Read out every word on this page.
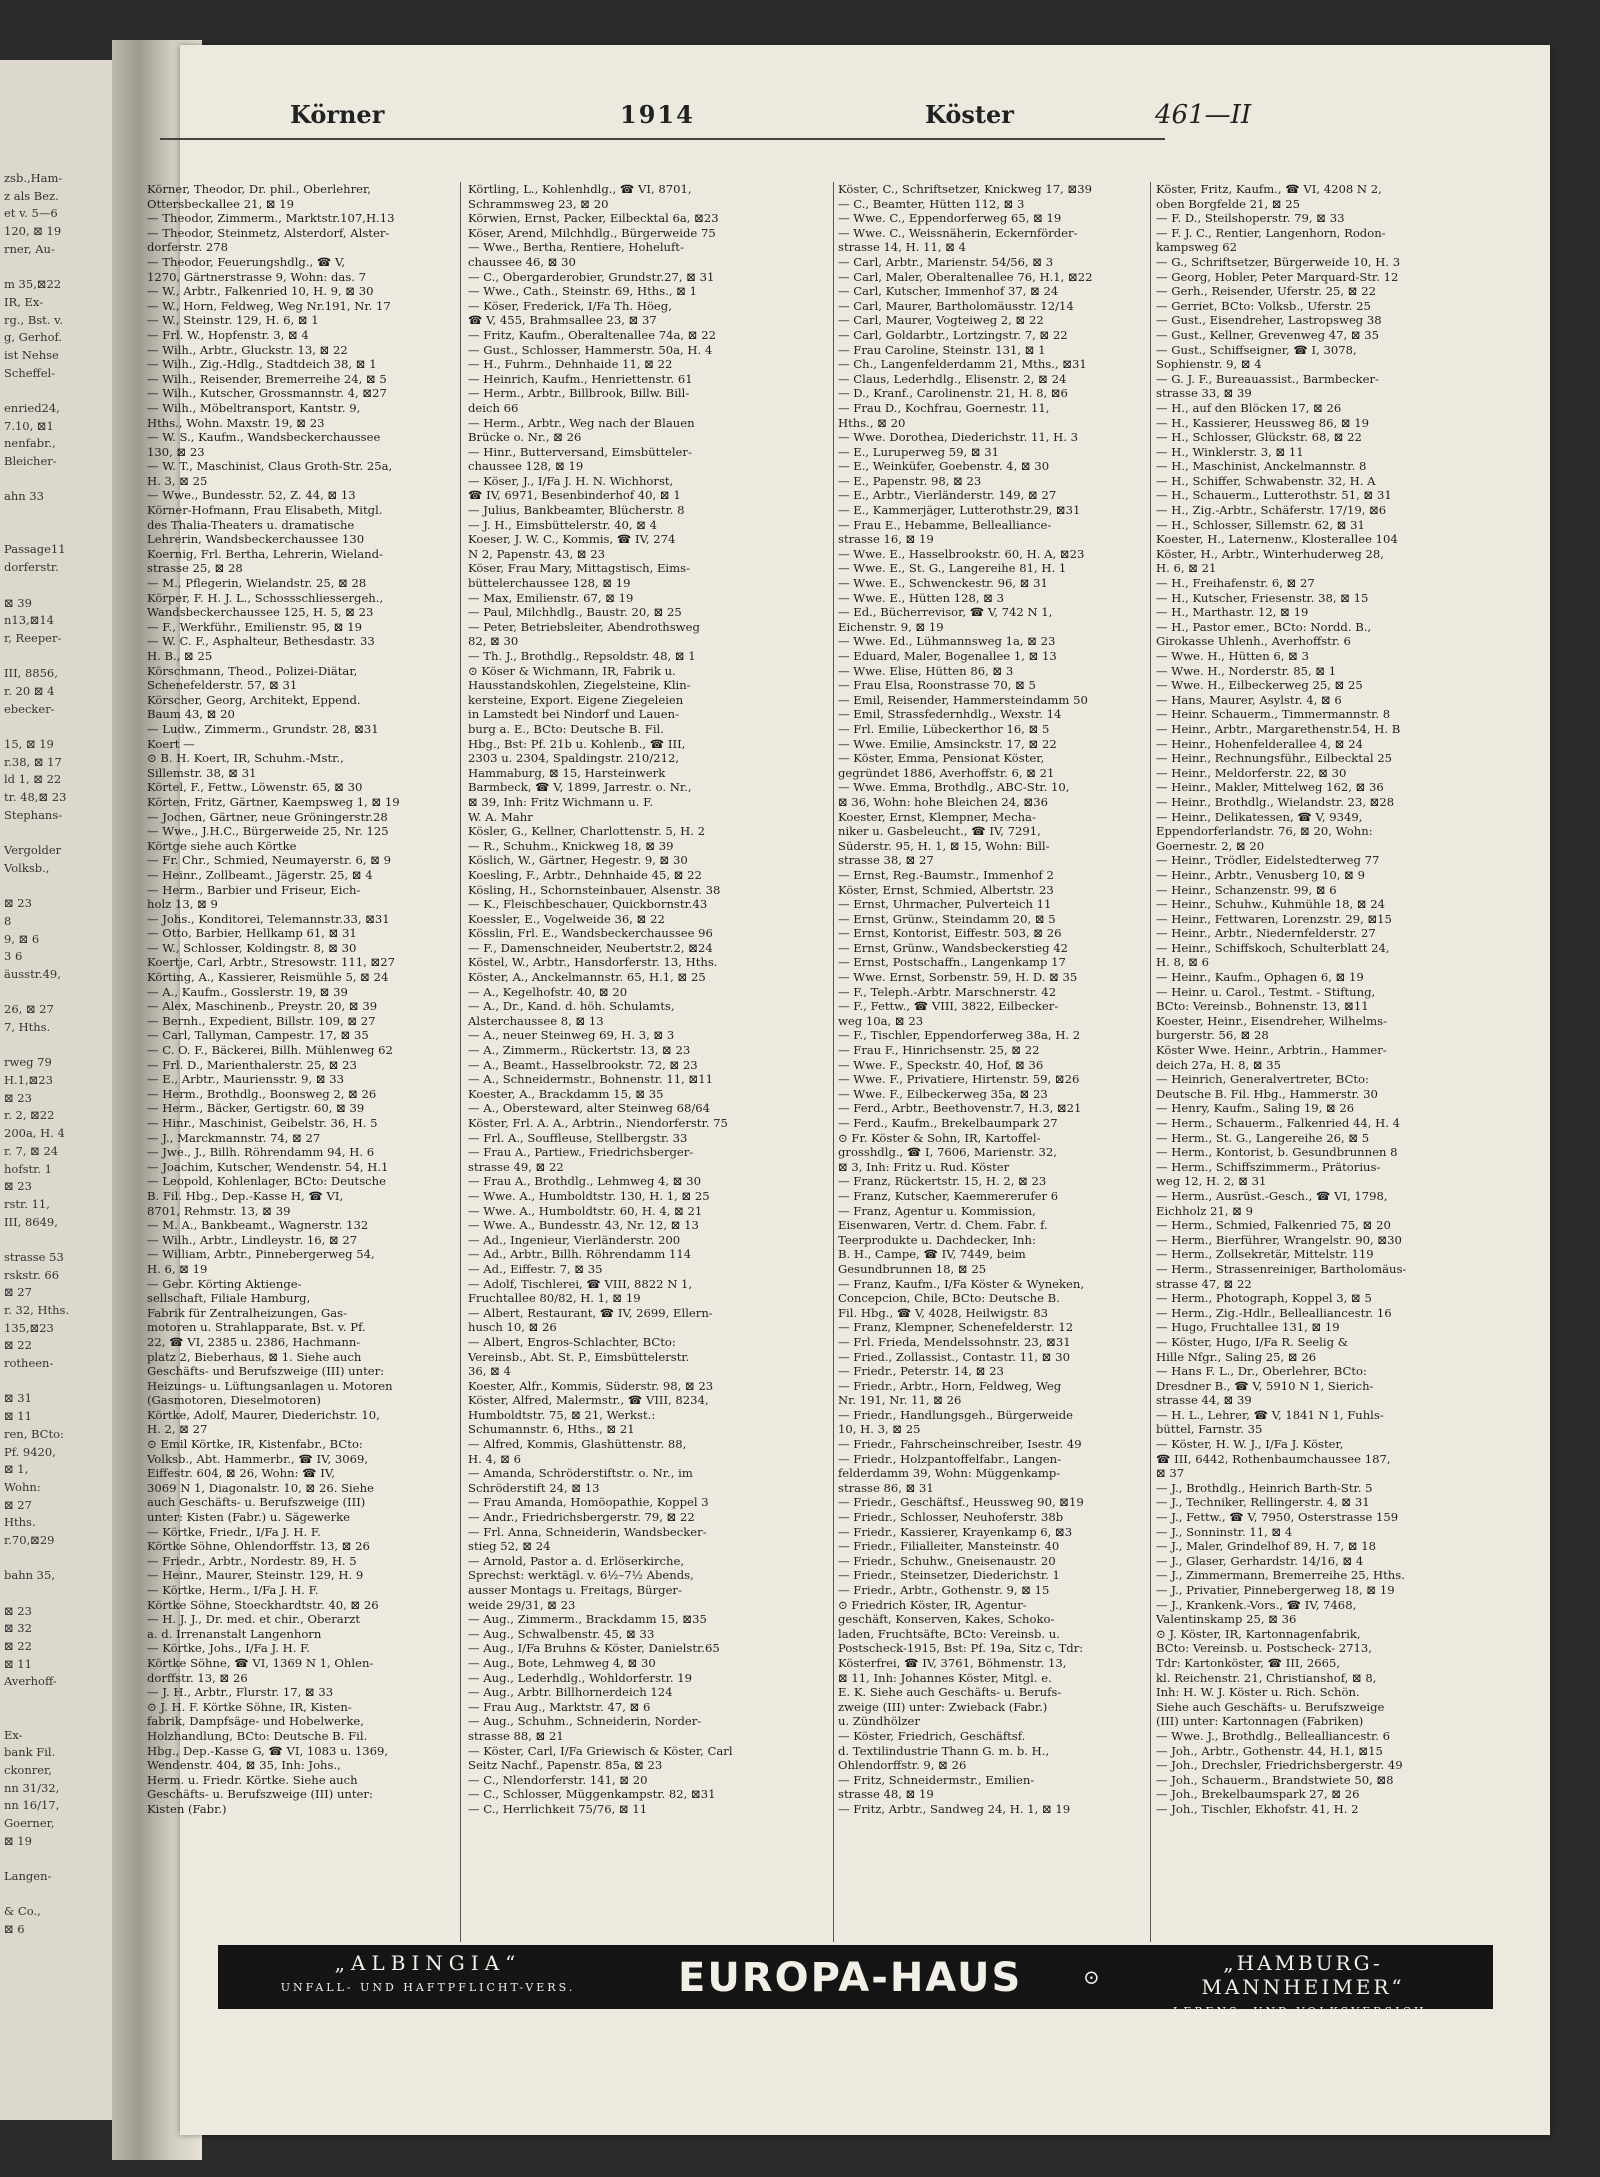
zsb.,Ham-
z als Bez.
et v. 5—6
120, ⊠ 19
rner, Au-
m 35,⊠22
IR, Ex-
rg., Bst. v.
g, Gerhof.
ist Nehse
Scheffel-
enried24,
7.10, ⊠1
nenfabr.,
Bleicher-
ahn 33
Passage11
dorferstr.
⊠ 39
n13,⊠14
r, Reeper-
III, 8856,
r. 20 ⊠ 4
ebecker-
15, ⊠ 19
r.38, ⊠ 17
ld 1, ⊠ 22
tr. 48,⊠ 23
Stephans-
Vergolder
Volksb.,
⊠ 23
8
9, ⊠ 6
3 6
äusstr.49,
26, ⊠ 27
7, Hths.
rweg 79
H.1,⊠23
⊠ 23
r. 2, ⊠22
200a, H. 4
r. 7, ⊠ 24
hofstr. 1
⊠ 23
rstr. 11,
III, 8649,
strasse 53
rskstr. 66
⊠ 27
r. 32, Hths.
135,⊠23
⊠ 22
rotheen-
⊠ 31
⊠ 11
ren, BCto:
Pf. 9420,
⊠ 1,
Wohn:
⊠ 27
Hths.
r.70,⊠29
bahn 35,
⊠ 23
⊠ 32
⊠ 22
⊠ 11
Averhoff-
Ex-
bank Fil.
ckonrer,
nn 31/32,
nn 16/17,
Goerner,
⊠ 19
Langen-
& Co.,
⊠ 6
Körner	1914	Köster	461—II
Körner, Theodor, Dr. phil., Oberlehrer,
Ottersbeckallee 21, ⊠ 19
— Theodor, Zimmerm., Marktstr.107,H.13
— Theodor, Steinmetz, Alsterdorf, Alster-
dorferstr. 278
— Theodor, Feuerungshdlg., ☎ V,
1270, Gärtnerstrasse 9, Wohn: das. 7
— W., Arbtr., Falkenried 10, H. 9, ⊠ 30
— W., Horn, Feldweg, Weg Nr.191, Nr. 17
— W., Steinstr. 129, H. 6, ⊠ 1
— Frl. W., Hopfenstr. 3, ⊠ 4
— Wilh., Arbtr., Gluckstr. 13, ⊠ 22
— Wilh., Zig.-Hdlg., Stadtdeich 38, ⊠ 1
— Wilh., Reisender, Bremerreihe 24, ⊠ 5
— Wilh., Kutscher, Grossmannstr. 4, ⊠27
— Wilh., Möbeltransport, Kantstr. 9,
Hths., Wohn. Maxstr. 19, ⊠ 23
— W. S., Kaufm., Wandsbeckerchaussee
130, ⊠ 23
— W. T., Maschinist, Claus Groth-Str. 25a,
H. 3, ⊠ 25
— Wwe., Bundesstr. 52, Z. 44, ⊠ 13
Körner-Hofmann, Frau Elisabeth, Mitgl.
des Thalia-Theaters u. dramatische
Lehrerin, Wandsbeckerchaussee 130
Koernig, Frl. Bertha, Lehrerin, Wieland-
strasse 25, ⊠ 28
— M., Pflegerin, Wielandstr. 25, ⊠ 28
Körper, F. H. J. L., Schossschliessergeh.,
Wandsbeckerchaussee 125, H. 5, ⊠ 23
— F., Werkführ., Emilienstr. 95, ⊠ 19
— W. C. F., Asphalteur, Bethesdastr. 33
H. B., ⊠ 25
Körschmann, Theod., Polizei-Diätar,
Schenefelderstr. 57, ⊠ 31
Körscher, Georg, Architekt, Eppend.
Baum 43, ⊠ 20
— Ludw., Zimmerm., Grundstr. 28, ⊠31
Koert —
⊙ B. H. Koert, IR, Schuhm.-Mstr.,
Sillemstr. 38, ⊠ 31
Körtel, F., Fettw., Löwenstr. 65, ⊠ 30
Körten, Fritz, Gärtner, Kaempsweg 1, ⊠ 19
— Jochen, Gärtner, neue Gröningerstr.28
— Wwe., J.H.C., Bürgerweide 25, Nr. 125
Körtge siehe auch Körtke
— Fr. Chr., Schmied, Neumayerstr. 6, ⊠ 9
— Heinr., Zollbeamt., Jägerstr. 25, ⊠ 4
— Herm., Barbier und Friseur, Eich-
holz 13, ⊠ 9
— Johs., Konditorei, Telemannstr.33, ⊠31
— Otto, Barbier, Hellkamp 61, ⊠ 31
— W., Schlosser, Koldingstr. 8, ⊠ 30
Koertje, Carl, Arbtr., Stresowstr. 111, ⊠27
Körting, A., Kassierer, Reismühle 5, ⊠ 24
— A., Kaufm., Gosslerstr. 19, ⊠ 39
— Alex, Maschinenb., Preystr. 20, ⊠ 39
— Bernh., Expedient, Billstr. 109, ⊠ 27
— Carl, Tallyman, Campestr. 17, ⊠ 35
— C. O. F., Bäckerei, Billh. Mühlenweg 62
— Frl. D., Marienthalerstr. 25, ⊠ 23
— E., Arbtr., Mauriensstr. 9, ⊠ 33
— Herm., Brothdlg., Boonsweg 2, ⊠ 26
— Herm., Bäcker, Gertigstr. 60, ⊠ 39
— Hinr., Maschinist, Geibelstr. 36, H. 5
— J., Marckmannstr. 74, ⊠ 27
— Jwe., J., Billh. Röhrendamm 94, H. 6
— Joachim, Kutscher, Wendenstr. 54, H.1
— Leopold, Kohlenlager, BCto: Deutsche
B. Fil. Hbg., Dep.-Kasse H, ☎ VI,
8701, Rehmstr. 13, ⊠ 39
— M. A., Bankbeamt., Wagnerstr. 132
— Wilh., Arbtr., Lindleystr. 16, ⊠ 27
— William, Arbtr., Pinnebergerweg 54,
H. 6, ⊠ 19
— Gebr. Körting Aktienge-
sellschaft, Filiale Hamburg,
Fabrik für Zentralheizungen, Gas-
motoren u. Strahlapparate, Bst. v. Pf.
22, ☎ VI, 2385 u. 2386, Hachmann-
platz 2, Bieberhaus, ⊠ 1. Siehe auch
Geschäfts- und Berufszweige (III) unter:
Heizungs- u. Lüftungsanlagen u. Motoren
(Gasmotoren, Dieselmotoren)
Körtke, Adolf, Maurer, Diederichstr. 10,
H. 2, ⊠ 27
⊙ Emil Körtke, IR, Kistenfabr., BCto:
Volksb., Abt. Hammerbr., ☎ IV, 3069,
Eiffestr. 604, ⊠ 26, Wohn: ☎ IV,
3069 N 1, Diagonalstr. 10, ⊠ 26. Siehe
auch Geschäfts- u. Berufszweige (III)
unter: Kisten (Fabr.) u. Sägewerke
— Körtke, Friedr., I/Fa J. H. F.
Körtke Söhne, Ohlendorffstr. 13, ⊠ 26
— Friedr., Arbtr., Nordestr. 89, H. 5
— Heinr., Maurer, Steinstr. 129, H. 9
— Körtke, Herm., I/Fa J. H. F.
Körtke Söhne, Stoeckhardtstr. 40, ⊠ 26
— H. J. J., Dr. med. et chir., Oberarzt
a. d. Irrenanstalt Langenhorn
— Körtke, Johs., I/Fa J. H. F.
Körtke Söhne, ☎ VI, 1369 N 1, Ohlen-
dorffstr. 13, ⊠ 26
— J. H., Arbtr., Flurstr. 17, ⊠ 33
⊙ J. H. F. Körtke Söhne, IR, Kisten-
fabrik, Dampfsäge- und Hobelwerke,
Holzhandlung, BCto: Deutsche B. Fil.
Hbg., Dep.-Kasse G, ☎ VI, 1083 u. 1369,
Wendenstr. 404, ⊠ 35, Inh: Johs.,
Herm. u. Friedr. Körtke. Siehe auch
Geschäfts- u. Berufszweige (III) unter:
Kisten (Fabr.)
Körtling, L., Kohlenhdlg., ☎ VI, 8701,
Schrammsweg 23, ⊠ 20
Körwien, Ernst, Packer, Eilbecktal 6a, ⊠23
Köser, Arend, Milchhdlg., Bürgerweide 75
— Wwe., Bertha, Rentiere, Hoheluft-
chaussee 46, ⊠ 30
— C., Obergarderobier, Grundstr.27, ⊠ 31
— Wwe., Cath., Steinstr. 69, Hths., ⊠ 1
— Köser, Frederick, I/Fa Th. Höeg,
☎ V, 455, Brahmsallee 23, ⊠ 37
— Fritz, Kaufm., Oberaltenallee 74a, ⊠ 22
— Gust., Schlosser, Hammerstr. 50a, H. 4
— H., Fuhrm., Dehnhaide 11, ⊠ 22
— Heinrich, Kaufm., Henriettenstr. 61
— Herm., Arbtr., Billbrook, Billw. Bill-
deich 66
— Herm., Arbtr., Weg nach der Blauen
Brücke o. Nr., ⊠ 26
— Hinr., Butterversand, Eimsbütteler-
chaussee 128, ⊠ 19
— Köser, J., I/Fa J. H. N. Wichhorst,
☎ IV, 6971, Besenbinderhof 40, ⊠ 1
— Julius, Bankbeamter, Blücherstr. 8
— J. H., Eimsbüttelerstr. 40, ⊠ 4
Koeser, J. W. C., Kommis, ☎ IV, 274
N 2, Papenstr. 43, ⊠ 23
Köser, Frau Mary, Mittagstisch, Eims-
büttelerchaussee 128, ⊠ 19
— Max, Emilienstr. 67, ⊠ 19
— Paul, Milchhdlg., Baustr. 20, ⊠ 25
— Peter, Betriebsleiter, Abendrothsweg
82, ⊠ 30
— Th. J., Brothdlg., Repsoldstr. 48, ⊠ 1
⊙ Köser & Wichmann, IR, Fabrik u.
Hausstandskohlen, Ziegelsteine, Klin-
kersteine, Export. Eigene Ziegeleien
in Lamstedt bei Nindorf und Lauen-
burg a. E., BCto: Deutsche B. Fil.
Hbg., Bst: Pf. 21b u. Kohlenb., ☎ III,
2303 u. 2304, Spaldingstr. 210/212,
Hammaburg, ⊠ 15, Harsteinwerk
Barmbeck, ☎ V, 1899, Jarrestr. o. Nr.,
⊠ 39, Inh: Fritz Wichmann u. F.
W. A. Mahr
Kösler, G., Kellner, Charlottenstr. 5, H. 2
— R., Schuhm., Knickweg 18, ⊠ 39
Köslich, W., Gärtner, Hegestr. 9, ⊠ 30
Koesling, F., Arbtr., Dehnhaide 45, ⊠ 22
Kösling, H., Schornsteinbauer, Alsenstr. 38
— K., Fleischbeschauer, Quickbornstr.43
Koessler, E., Vogelweide 36, ⊠ 22
Kösslin, Frl. E., Wandsbeckerchaussee 96
— F., Damenschneider, Neubertstr.2, ⊠24
Köstel, W., Arbtr., Hansdorferstr. 13, Hths.
Köster, A., Anckelmannstr. 65, H.1, ⊠ 25
— A., Kegelhofstr. 40, ⊠ 20
— A., Dr., Kand. d. höh. Schulamts,
Alsterchaussee 8, ⊠ 13
— A., neuer Steinweg 69, H. 3, ⊠ 3
— A., Zimmerm., Rückertstr. 13, ⊠ 23
— A., Beamt., Hasselbrookstr. 72, ⊠ 23
— A., Schneidermstr., Bohnenstr. 11, ⊠11
Koester, A., Brackdamm 15, ⊠ 35
— A., Obersteward, alter Steinweg 68/64
Köster, Frl. A. A., Arbtrin., Niendorferstr. 75
— Frl. A., Souffleuse, Stellbergstr. 33
— Frau A., Partiew., Friedrichsberger-
strasse 49, ⊠ 22
— Frau A., Brothdlg., Lehmweg 4, ⊠ 30
— Wwe. A., Humboldtstr. 130, H. 1, ⊠ 25
— Wwe. A., Humboldtstr. 60, H. 4, ⊠ 21
— Wwe. A., Bundesstr. 43, Nr. 12, ⊠ 13
— Ad., Ingenieur, Vierländerstr. 200
— Ad., Arbtr., Billh. Röhrendamm 114
— Ad., Eiffestr. 7, ⊠ 35
— Adolf, Tischlerei, ☎ VIII, 8822 N 1,
Fruchtallee 80/82, H. 1, ⊠ 19
— Albert, Restaurant, ☎ IV, 2699, Ellern-
husch 10, ⊠ 26
— Albert, Engros-Schlachter, BCto:
Vereinsb., Abt. St. P., Eimsbüttelerstr.
36, ⊠ 4
Koester, Alfr., Kommis, Süderstr. 98, ⊠ 23
Köster, Alfred, Malermstr., ☎ VIII, 8234,
Humboldtstr. 75, ⊠ 21, Werkst.:
Schumannstr. 6, Hths., ⊠ 21
— Alfred, Kommis, Glashüttenstr. 88,
H. 4, ⊠ 6
— Amanda, Schröderstiftstr. o. Nr., im
Schröderstift 24, ⊠ 13
— Frau Amanda, Homöopathie, Koppel 3
— Andr., Friedrichsbergerstr. 79, ⊠ 22
— Frl. Anna, Schneiderin, Wandsbecker-
stieg 52, ⊠ 24
— Arnold, Pastor a. d. Erlöserkirche,
Sprechst: werktägl. v. 6½–7½ Abends,
ausser Montags u. Freitags, Bürger-
weide 29/31, ⊠ 23
— Aug., Zimmerm., Brackdamm 15, ⊠35
— Aug., Schwalbenstr. 45, ⊠ 33
— Aug., I/Fa Bruhns & Köster, Danielstr.65
— Aug., Bote, Lehmweg 4, ⊠ 30
— Aug., Lederhdlg., Wohldorferstr. 19
— Aug., Arbtr. Billhornerdeich 124
— Frau Aug., Marktstr. 47, ⊠ 6
— Aug., Schuhm., Schneiderin, Norder-
strasse 88, ⊠ 21
— Köster, Carl, I/Fa Griewisch & Köster, Carl
Seitz Nachf., Papenstr. 85a, ⊠ 23
— C., Nlendorferstr. 141, ⊠ 20
— C., Schlosser, Müggenkampstr. 82, ⊠31
— C., Herrlichkeit 75/76, ⊠ 11
Köster, C., Schriftsetzer, Knickweg 17, ⊠39
— C., Beamter, Hütten 112, ⊠ 3
— Wwe. C., Eppendorferweg 65, ⊠ 19
— Wwe. C., Weissnäherin, Eckernförder-
strasse 14, H. 11, ⊠ 4
— Carl, Arbtr., Marienstr. 54/56, ⊠ 3
— Carl, Maler, Oberaltenallee 76, H.1, ⊠22
— Carl, Kutscher, Immenhof 37, ⊠ 24
— Carl, Maurer, Bartholomäusstr. 12/14
— Carl, Maurer, Vogteiweg 2, ⊠ 22
— Carl, Goldarbtr., Lortzingstr. 7, ⊠ 22
— Frau Caroline, Steinstr. 131, ⊠ 1
— Ch., Langenfelderdamm 21, Mths., ⊠31
— Claus, Lederhdlg., Elisenstr. 2, ⊠ 24
— D., Kranf., Carolinenstr. 21, H. 8, ⊠6
— Frau D., Kochfrau, Goernestr. 11,
Hths., ⊠ 20
— Wwe. Dorothea, Diederichstr. 11, H. 3
— E., Luruperweg 59, ⊠ 31
— E., Weinküfer, Goebenstr. 4, ⊠ 30
— E., Papenstr. 98, ⊠ 23
— E., Arbtr., Vierländerstr. 149, ⊠ 27
— E., Kammerjäger, Lutterothstr.29, ⊠31
— Frau E., Hebamme, Bellealliance-
strasse 16, ⊠ 19
— Wwe. E., Hasselbrookstr. 60, H. A, ⊠23
— Wwe. E., St. G., Langereihe 81, H. 1
— Wwe. E., Schwenckestr. 96, ⊠ 31
— Wwe. E., Hütten 128, ⊠ 3
— Ed., Bücherrevisor, ☎ V, 742 N 1,
Eichenstr. 9, ⊠ 19
— Wwe. Ed., Lühmannsweg 1a, ⊠ 23
— Eduard, Maler, Bogenallee 1, ⊠ 13
— Wwe. Elise, Hütten 86, ⊠ 3
— Frau Elsa, Roonstrasse 70, ⊠ 5
— Emil, Reisender, Hammersteindamm 50
— Emil, Strassfedernhdlg., Wexstr. 14
— Frl. Emilie, Lübeckerthor 16, ⊠ 5
— Wwe. Emilie, Amsinckstr. 17, ⊠ 22
— Köster, Emma, Pensionat Köster,
gegründet 1886, Averhoffstr. 6, ⊠ 21
— Wwe. Emma, Brothdlg., ABC-Str. 10,
⊠ 36, Wohn: hohe Bleichen 24, ⊠36
Koester, Ernst, Klempner, Mecha-
niker u. Gasbeleucht., ☎ IV, 7291,
Süderstr. 95, H. 1, ⊠ 15, Wohn: Bill-
strasse 38, ⊠ 27
— Ernst, Reg.-Baumstr., Immenhof 2
Köster, Ernst, Schmied, Albertstr. 23
— Ernst, Uhrmacher, Pulverteich 11
— Ernst, Grünw., Steindamm 20, ⊠ 5
— Ernst, Kontorist, Eiffestr. 503, ⊠ 26
— Ernst, Grünw., Wandsbeckerstieg 42
— Ernst, Postschaffn., Langenkamp 17
— Wwe. Ernst, Sorbenstr. 59, H. D. ⊠ 35
— F., Teleph.-Arbtr. Marschnerstr. 42
— F., Fettw., ☎ VIII, 3822, Eilbecker-
weg 10a, ⊠ 23
— F., Tischler, Eppendorferweg 38a, H. 2
— Frau F., Hinrichsenstr. 25, ⊠ 22
— Wwe. F., Speckstr. 40, Hof, ⊠ 36
— Wwe. F., Privatiere, Hirtenstr. 59, ⊠26
— Wwe. F., Eilbeckerweg 35a, ⊠ 23
— Ferd., Arbtr., Beethovenstr.7, H.3, ⊠21
— Ferd., Kaufm., Brekelbaumpark 27
⊙ Fr. Köster & Sohn, IR, Kartoffel-
grosshdlg., ☎ I, 7606, Marienstr. 32,
⊠ 3, Inh: Fritz u. Rud. Köster
— Franz, Rückertstr. 15, H. 2, ⊠ 23
— Franz, Kutscher, Kaemmererufer 6
— Franz, Agentur u. Kommission,
Eisenwaren, Vertr. d. Chem. Fabr. f.
Teerprodukte u. Dachdecker, Inh:
B. H., Campe, ☎ IV, 7449, beim
Gesundbrunnen 18, ⊠ 25
— Franz, Kaufm., I/Fa Köster & Wyneken,
Concepcion, Chile, BCto: Deutsche B.
Fil. Hbg., ☎ V, 4028, Heilwigstr. 83
— Franz, Klempner, Schenefelderstr. 12
— Frl. Frieda, Mendelssohnstr. 23, ⊠31
— Fried., Zollassist., Contastr. 11, ⊠ 30
— Friedr., Peterstr. 14, ⊠ 23
— Friedr., Arbtr., Horn, Feldweg, Weg
Nr. 191, Nr. 11, ⊠ 26
— Friedr., Handlungsgeh., Bürgerweide
10, H. 3, ⊠ 25
— Friedr., Fahrscheinschreiber, Isestr. 49
— Friedr., Holzpantoffelfabr., Langen-
felderdamm 39, Wohn: Müggenkamp-
strasse 86, ⊠ 31
— Friedr., Geschäftsf., Heussweg 90, ⊠19
— Friedr., Schlosser, Neuhoferstr. 38b
— Friedr., Kassierer, Krayenkamp 6, ⊠3
— Friedr., Filialleiter, Mansteinstr. 40
— Friedr., Schuhw., Gneisenaustr. 20
— Friedr., Steinsetzer, Diederichstr. 1
— Friedr., Arbtr., Gothenstr. 9, ⊠ 15
⊙ Friedrich Köster, IR, Agentur-
geschäft, Konserven, Kakes, Schoko-
laden, Fruchtsäfte, BCto: Vereinsb. u.
Postscheck-1915, Bst: Pf. 19a, Sitz c, Tdr:
Kösterfrei, ☎ IV, 3761, Böhmenstr. 13,
⊠ 11, Inh: Johannes Köster, Mitgl. e.
E. K. Siehe auch Geschäfts- u. Berufs-
zweige (III) unter: Zwieback (Fabr.)
u. Zündhölzer
— Köster, Friedrich, Geschäftsf.
d. Textilindustrie Thann G. m. b. H.,
Ohlendorffstr. 9, ⊠ 26
— Fritz, Schneidermstr., Emilien-
strasse 48, ⊠ 19
— Fritz, Arbtr., Sandweg 24, H. 1, ⊠ 19
Köster, Fritz, Kaufm., ☎ VI, 4208 N 2,
oben Borgfelde 21, ⊠ 25
— F. D., Steilshoperstr. 79, ⊠ 33
— F. J. C., Rentier, Langenhorn, Rodon-
kampsweg 62
— G., Schriftsetzer, Bürgerweide 10, H. 3
— Georg, Hobler, Peter Marquard-Str. 12
— Gerh., Reisender, Uferstr. 25, ⊠ 22
— Gerriet, BCto: Volksb., Uferstr. 25
— Gust., Eisendreher, Lastropsweg 38
— Gust., Kellner, Grevenweg 47, ⊠ 35
— Gust., Schiffseigner, ☎ I, 3078,
Sophienstr. 9, ⊠ 4
— G. J. F., Bureauassist., Barmbecker-
strasse 33, ⊠ 39
— H., auf den Blöcken 17, ⊠ 26
— H., Kassierer, Heussweg 86, ⊠ 19
— H., Schlosser, Glückstr. 68, ⊠ 22
— H., Winklerstr. 3, ⊠ 11
— H., Maschinist, Anckelmannstr. 8
— H., Schiffer, Schwabenstr. 32, H. A
— H., Schauerm., Lutterothstr. 51, ⊠ 31
— H., Zig.-Arbtr., Schäferstr. 17/19, ⊠6
— H., Schlosser, Sillemstr. 62, ⊠ 31
Koester, H., Laternenw., Klosterallee 104
Köster, H., Arbtr., Winterhuderweg 28,
H. 6, ⊠ 21
— H., Freihafenstr. 6, ⊠ 27
— H., Kutscher, Friesenstr. 38, ⊠ 15
— H., Marthastr. 12, ⊠ 19
— H., Pastor emer., BCto: Nordd. B.,
Girokasse Uhlenh., Averhoffstr. 6
— Wwe. H., Hütten 6, ⊠ 3
— Wwe. H., Norderstr. 85, ⊠ 1
— Wwe. H., Eilbeckerweg 25, ⊠ 25
— Hans, Maurer, Asylstr. 4, ⊠ 6
— Heinr. Schauerm., Timmermannstr. 8
— Heinr., Arbtr., Margarethenstr.54, H. B
— Heinr., Hohenfelderallee 4, ⊠ 24
— Heinr., Rechnungsführ., Eilbecktal 25
— Heinr., Meldorferstr. 22, ⊠ 30
— Heinr., Makler, Mittelweg 162, ⊠ 36
— Heinr., Brothdlg., Wielandstr. 23, ⊠28
— Heinr., Delikatessen, ☎ V, 9349,
Eppendorferlandstr. 76, ⊠ 20, Wohn:
Goernestr. 2, ⊠ 20
— Heinr., Trödler, Eidelstedterweg 77
— Heinr., Arbtr., Venusberg 10, ⊠ 9
— Heinr., Schanzenstr. 99, ⊠ 6
— Heinr., Schuhw., Kuhmühle 18, ⊠ 24
— Heinr., Fettwaren, Lorenzstr. 29, ⊠15
— Heinr., Arbtr., Niedernfelderstr. 27
— Heinr., Schiffskoch, Schulterblatt 24,
H. 8, ⊠ 6
— Heinr., Kaufm., Ophagen 6, ⊠ 19
— Heinr. u. Carol., Testmt. - Stiftung,
BCto: Vereinsb., Bohnenstr. 13, ⊠11
Koester, Heinr., Eisendreher, Wilhelms-
burgerstr. 56, ⊠ 28
Köster Wwe. Heinr., Arbtrin., Hammer-
deich 27a, H. 8, ⊠ 35
— Heinrich, Generalvertreter, BCto:
Deutsche B. Fil. Hbg., Hammerstr. 30
— Henry, Kaufm., Saling 19, ⊠ 26
— Herm., Schauerm., Falkenried 44, H. 4
— Herm., St. G., Langereihe 26, ⊠ 5
— Herm., Kontorist, b. Gesundbrunnen 8
— Herm., Schiffszimmerm., Prätorius-
weg 12, H. 2, ⊠ 31
— Herm., Ausrüst.-Gesch., ☎ VI, 1798,
Eichholz 21, ⊠ 9
— Herm., Schmied, Falkenried 75, ⊠ 20
— Herm., Bierführer, Wrangelstr. 90, ⊠30
— Herm., Zollsekretär, Mittelstr. 119
— Herm., Strassenreiniger, Bartholomäus-
strasse 47, ⊠ 22
— Herm., Photograph, Koppel 3, ⊠ 5
— Herm., Zig.-Hdlr., Bellealliancestr. 16
— Hugo, Fruchtallee 131, ⊠ 19
— Köster, Hugo, I/Fa R. Seelig &
Hille Nfgr., Saling 25, ⊠ 26
— Hans F. L., Dr., Oberlehrer, BCto:
Dresdner B., ☎ V, 5910 N 1, Sierich-
strasse 44, ⊠ 39
— H. L., Lehrer, ☎ V, 1841 N 1, Fuhls-
büttel, Farnstr. 35
— Köster, H. W. J., I/Fa J. Köster,
☎ III, 6442, Rothenbaumchaussee 187,
⊠ 37
— J., Brothdlg., Heinrich Barth-Str. 5
— J., Techniker, Rellingerstr. 4, ⊠ 31
— J., Fettw., ☎ V, 7950, Osterstrasse 159
— J., Sonninstr. 11, ⊠ 4
— J., Maler, Grindelhof 89, H. 7, ⊠ 18
— J., Glaser, Gerhardstr. 14/16, ⊠ 4
— J., Zimmermann, Bremerreihe 25, Hths.
— J., Privatier, Pinnebergerweg 18, ⊠ 19
— J., Krankenk.-Vors., ☎ IV, 7468,
Valentinskamp 25, ⊠ 36
⊙ J. Köster, IR, Kartonnagenfabrik,
BCto: Vereinsb. u. Postscheck- 2713,
Tdr: Kartonköster, ☎ III, 2665,
kl. Reichenstr. 21, Christianshof, ⊠ 8,
Inh: H. W. J. Köster u. Rich. Schön.
Siehe auch Geschäfts- u. Berufszweige
(III) unter: Kartonnagen (Fabriken)
— Wwe. J., Brothdlg., Bellealliancestr. 6
— Joh., Arbtr., Gothenstr. 44, H.1, ⊠15
— Joh., Drechsler, Friedrichsbergerstr. 49
— Joh., Schauerm., Brandstwiete 50, ⊠8
— Joh., Brekelbaumspark 27, ⊠ 26
— Joh., Tischler, Ekhofstr. 41, H. 2
„ALBINGIA“
UNFALL- UND HAFTPFLICHT-VERS.	EUROPA-HAUS	⊙
„HAMBURG-MANNHEIMER“
LEBENS- UND VOLKSVERSICH.
